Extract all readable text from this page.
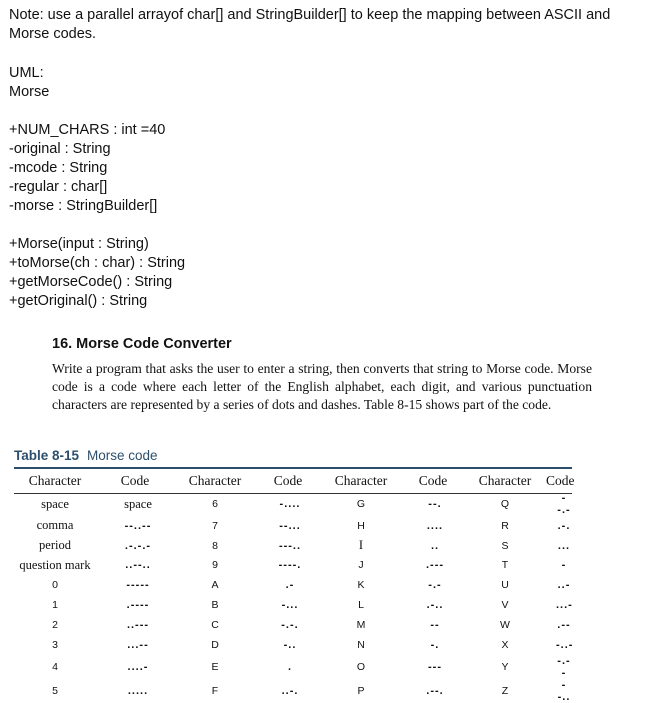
Note: use a parallel arrayof char[] and StringBuilder[] to keep the mapping between ASCII and Morse codes.
UML:
Morse
+NUM_CHARS : int =40
-original : String
-mcode : String
-regular : char[]
-morse : StringBuilder[]
+Morse(input : String)
+toMorse(ch : char) : String
+getMorseCode() : String
+getOriginal() : String
16. Morse Code Converter

Write a program that asks the user to enter a string, then converts that string to Morse code. Morse code is a code where each letter of the English alphabet, each digit, and various punctuation characters are represented by a series of dots and dashes. Table 8-15 shows part of the code.

Table 8-15 Morse code
Character	Code	Character	Code	Character	Code	Character	Code
space	space	6	-....	G	--.	Q	--.-
comma	--..--	7	--...	H	....	R	.-.
period	.-.-.-	8	---..	I	..	S	...
question mark	..--..	9	----.	J	.---	T	-
0	-----	A	.-	K	-.-	U	..-
1	.----	B	-...	L	.-..	V	...-
2	..---	C	-.-.	M	--	W	.--
3	...--	D	-..	N	-.	X	-..-
4	....-	E	.	O	---	Y	-.--
5	.....	F	..-.	P	.--.	Z	--..
